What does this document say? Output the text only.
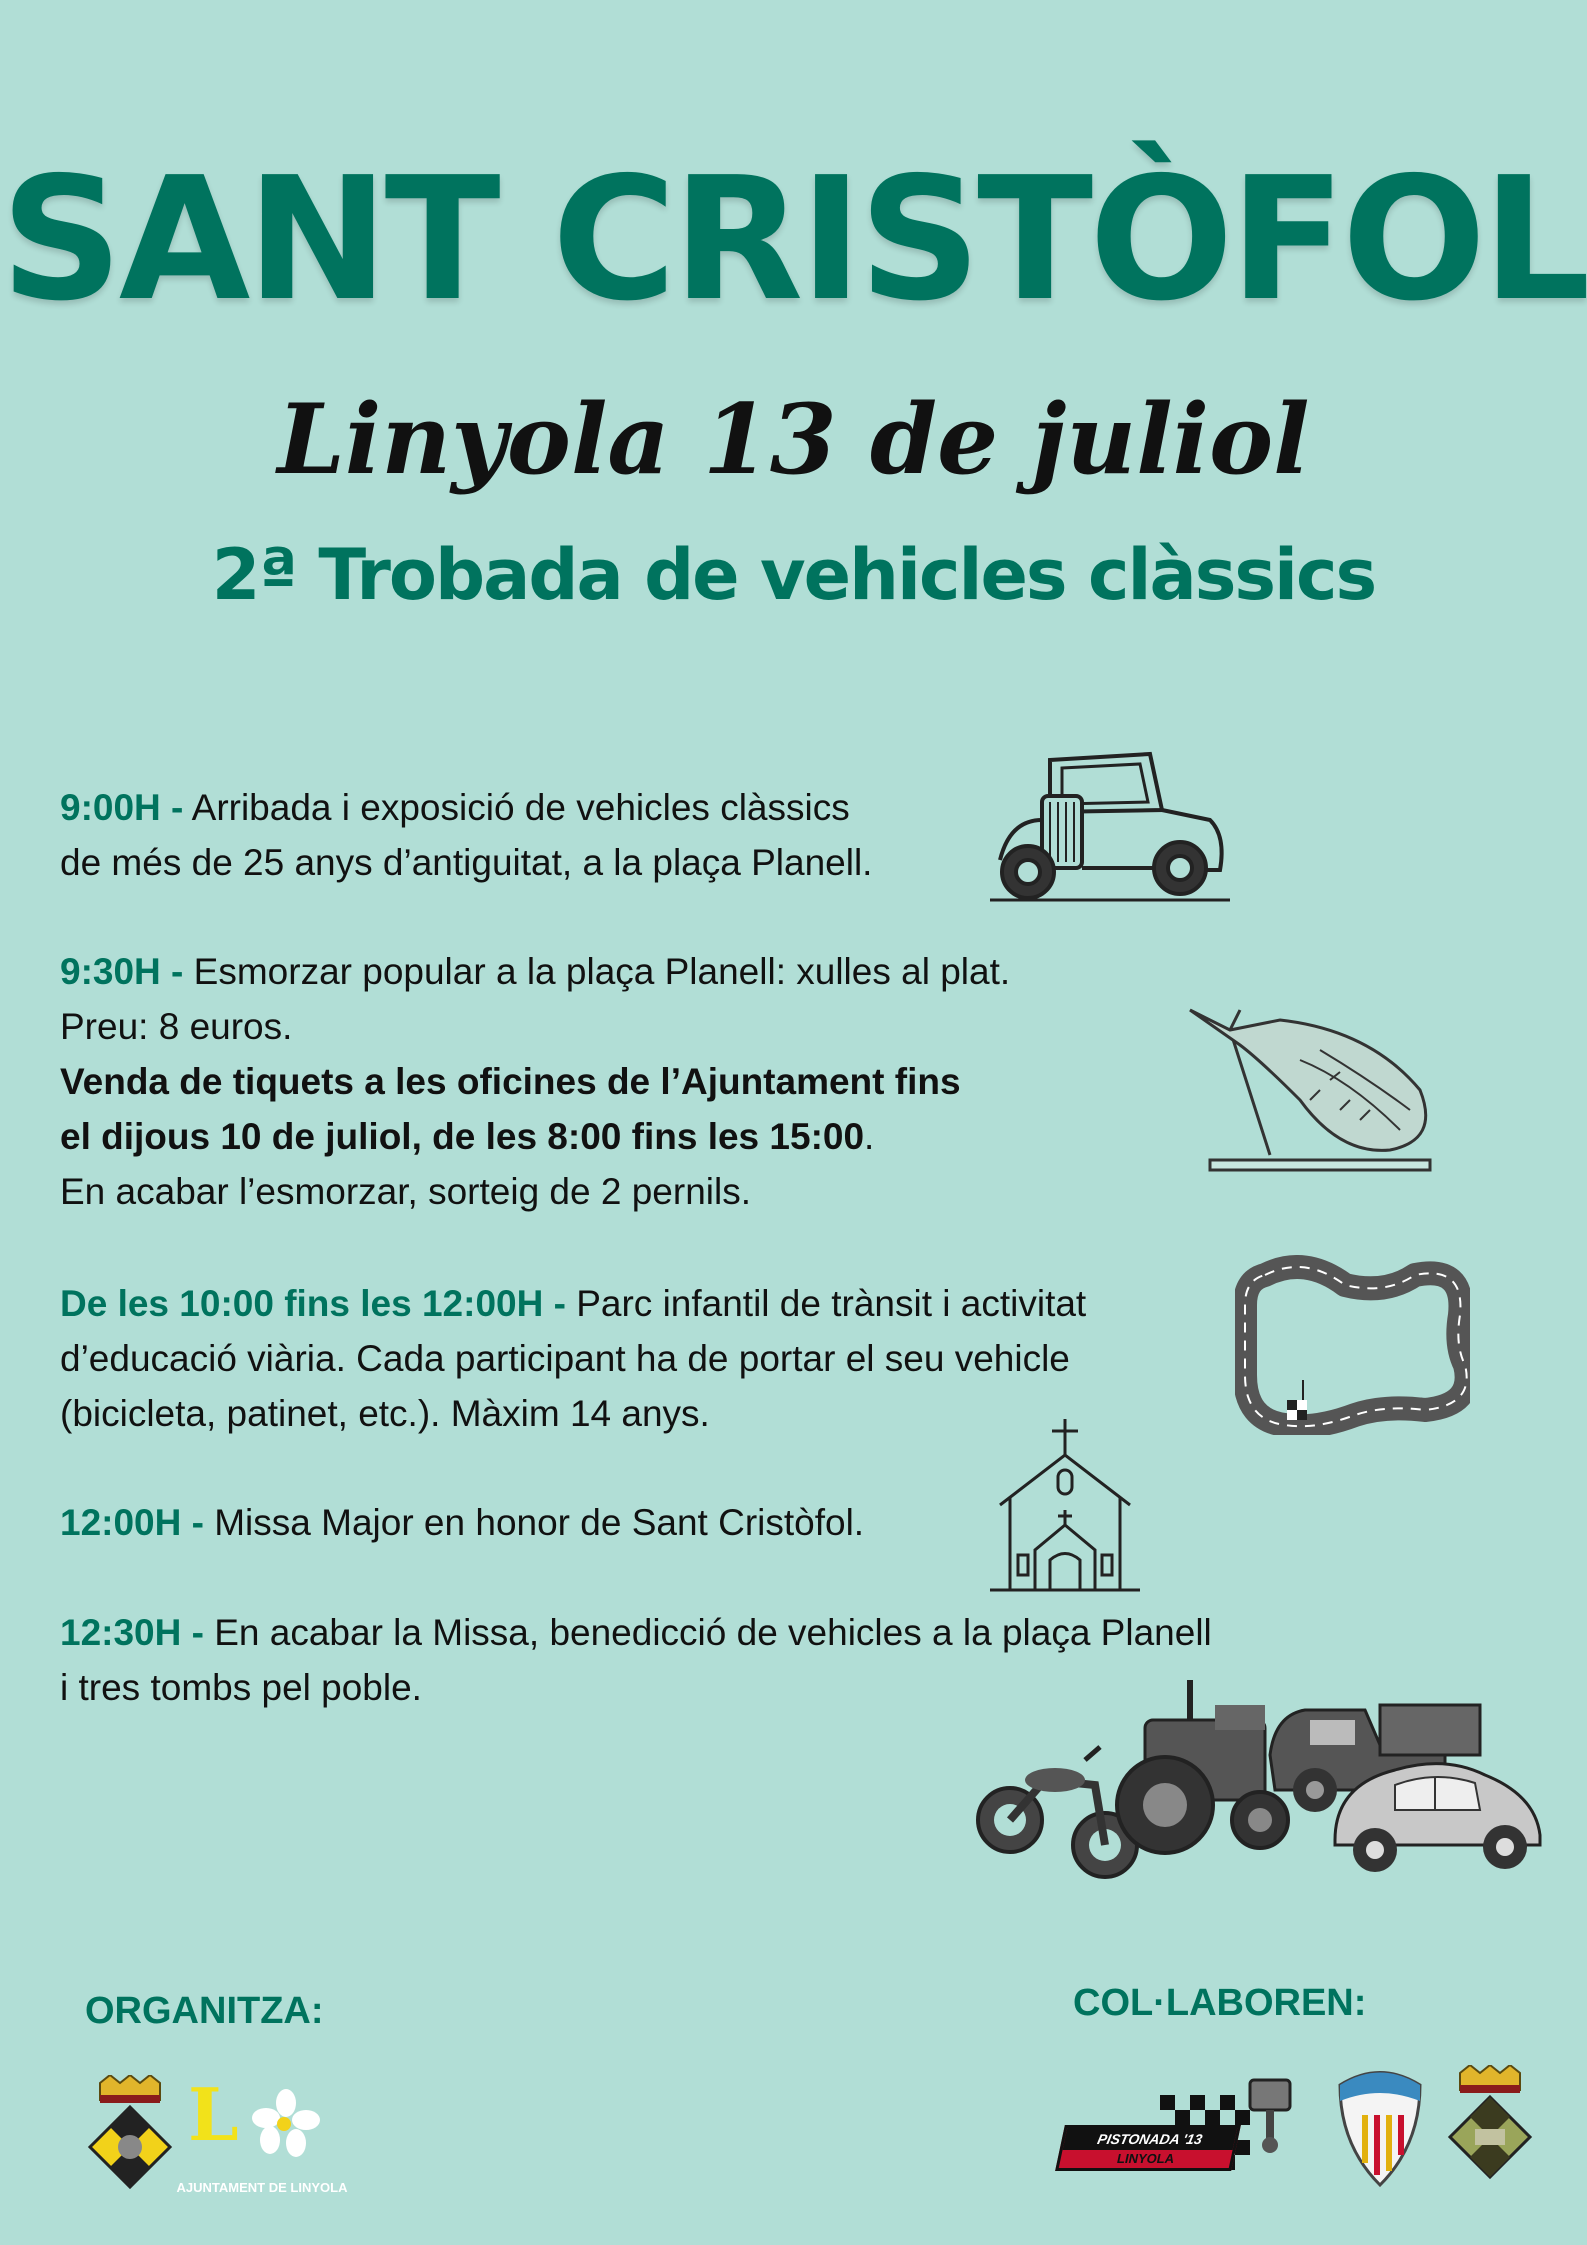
SANT CRISTÒFOL
Linyola 13 de juliol
2ª Trobada de vehicles clàssics
9:00H - Arribada i exposició de vehicles clàssics
de més de 25 anys d’antiguitat, a la plaça Planell.
9:30H - Esmorzar popular a la plaça Planell: xulles al plat.
Preu: 8 euros.
Venda de tiquets a les oficines de l’Ajuntament fins
el dijous 10 de juliol, de les 8:00 fins les 15:00.
En acabar l’esmorzar, sorteig de 2 pernils.
De les 10:00 fins les 12:00H - Parc infantil de trànsit i activitat
d’educació viària. Cada participant ha de portar el seu vehicle
(bicicleta, patinet, etc.). Màxim 14 anys.
12:00H - Missa Major en honor de Sant Cristòfol.
12:30H - En acabar la Missa, benedicció de vehicles a la plaça Planell
i tres tombs pel poble.
ORGANITZA:	COL·LABOREN:
L
AJUNTAMENT DE LINYOLA
PISTONADA '13
LINYOLA
